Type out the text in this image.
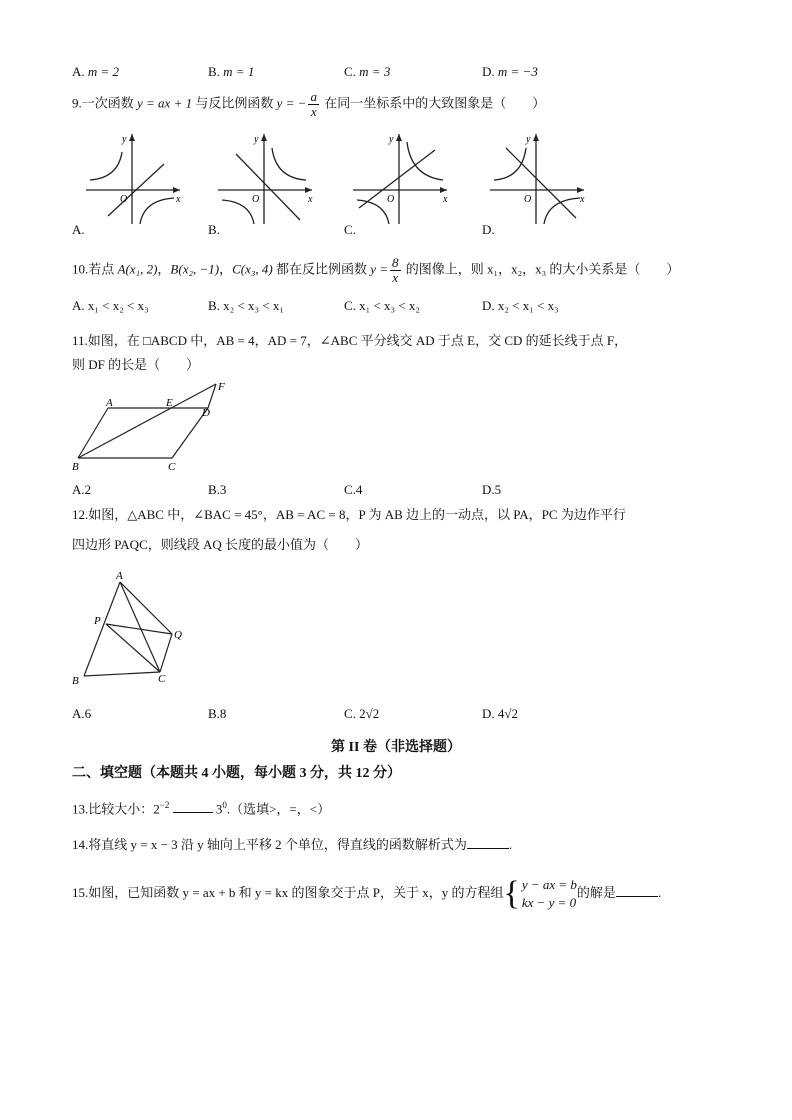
A. m = 2	B. m = 1	C. m = 3	D. m = −3
9.一次函数 y = ax + 1 与反比例函数 y = − $\frac{a}{x}$ 在同一坐标系中的大致图象是（　　）
y
x
O
y
x
O
y
x
O
y
x
O
A.	B.	C.	D.
10.若点 A(x₁, 2)，B(x₂, −1)，C(x₃, 4) 都在反比例函数 $y = \frac{8}{x}$ 的图像上，则 x₁，x₂，x₃ 的大小关系是（　　）
A. x₁ < x₂ < x₃	B. x₂ < x₃ < x₁	C. x₁ < x₃ < x₂	D. x₂ < x₁ < x₃
11.如图，在 □ABCD 中，AB = 4，AD = 7，∠ABC 平分线交 AD 于点 E，交 CD 的延长线于点 F，
则 DF 的长是（　　）
A	E
D
F
B	C
A.2	B.3	C.4	D.5
12.如图，△ABC 中，∠BAC = 45°，AB = AC = 8，P 为 AB 边上的一动点，以 PA，PC 为边作平行
四边形 PAQC，则线段 AQ 长度的最小值为（　　）
A
P
Q
B	C
A.6	B.8	C. 2√2	D. 4√2
第 II 卷（非选择题）
二、填空题（本题共 4 小题，每小题 3 分，共 12 分）
13.比较大小：$2^{-2}$	$3^0$.（选填>，=，<）
14.将直线 y = x − 3 沿 y 轴向上平移 2 个单位，得直线的函数解析式为	.
15.如图，已知函数 y = ax + b 和 y = kx 的图象交于点 P，关于 x，y 的方程组{ y − ax = b
kx − y = 0
的解是	.
